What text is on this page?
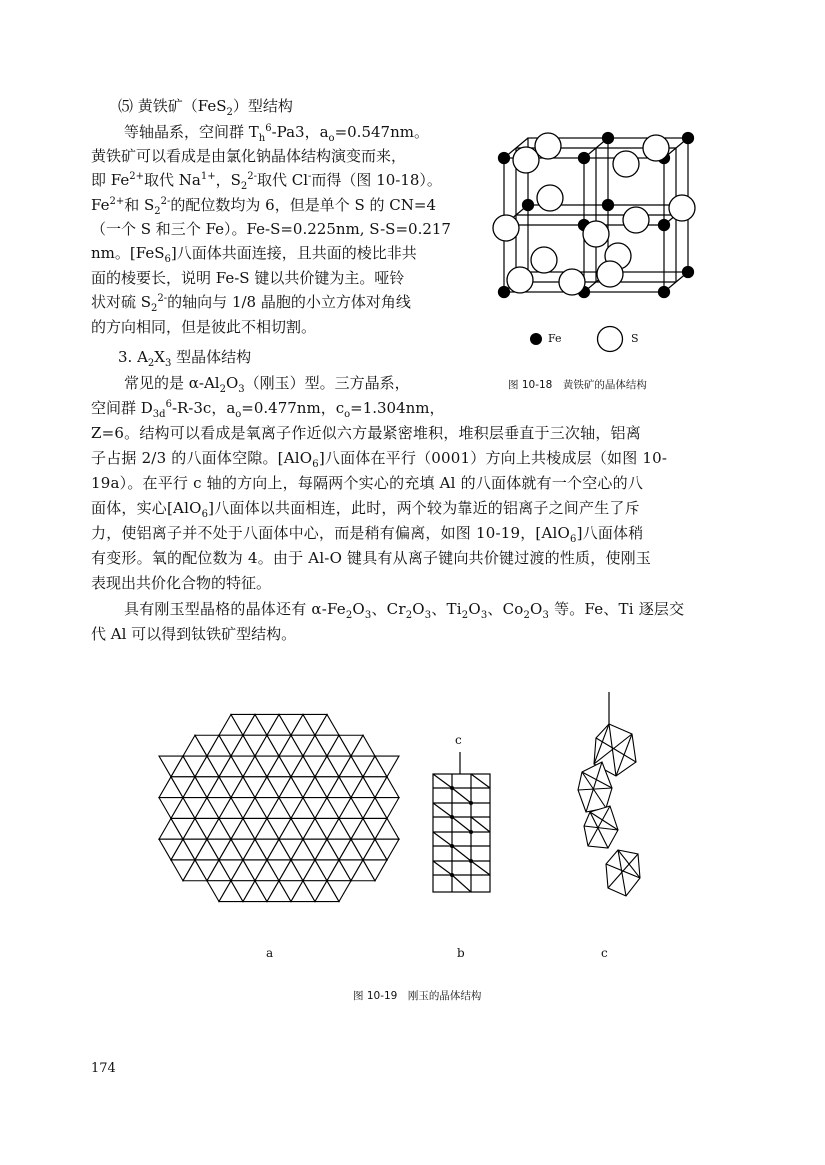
⑸ 黄铁矿（FeS$_2$）型结构
等轴晶系，空间群 $T_h^6-Pa3$，$a_o=0.547nm$。
黄铁矿可以看成是由氯化钠晶体结构演变而来，
即 $Fe^{2+}$取代 $Na^{1+}$，$S_2^{2-}$取代 Cl-而得（图 10-18）。
$Fe^{2+}$和 $S_2^{2-}$的配位数均为 6，但是单个 S 的 CN=4
（一个 S 和三个 Fe）。Fe-S=0.225nm, S-S=0.217
nm。[FeS$_6$]八面体共面连接，且共面的棱比非共
面的棱要长，说明 Fe-S 键以共价键为主。哑铃
状对硫 $S_2^{2-}$的轴向与 1/8 晶胞的小立方体对角线
的方向相同，但是彼此不相切割。
3. $A_2X_3$ 型晶体结构
常见的是 $\alpha-Al_2O_3$（刚玉）型。三方晶系，
空间群 $D_{3d}^6-R-3c$，$a_o=0.477nm$，$c_o=1.304nm$，
Z=6。结构可以看成是氧离子作近似六方最紧密堆积，堆积层垂直于三次轴，铝离
子占据 2/3 的八面体空隙。[AlO$_6$]八面体在平行（0001）方向上共棱成层（如图 10-
19a）。在平行 c 轴的方向上，每隔两个实心的充填 Al 的八面体就有一个空心的八
面体，实心[AlO$_6$]八面体以共面相连，此时，两个较为靠近的铝离子之间产生了斥
力，使铝离子并不处于八面体中心，而是稍有偏离，如图 10-19，[AlO$_6$]八面体稍
有变形。氧的配位数为 4。由于 Al-O 键具有从离子键向共价键过渡的性质，使刚玉
表现出共价化合物的特征。
具有刚玉型晶格的晶体还有 $\alpha-Fe_2O_3$、$Cr_2O_3$、$Ti_2O_3$、$Co_2O_3$ 等。Fe、Ti 逐层交
代 Al 可以得到钛铁矿型结构。
Fe	S
图 10-18　黄铁矿的晶体结构
c
a	b	c
图 10-19　刚玉的晶体结构
174
